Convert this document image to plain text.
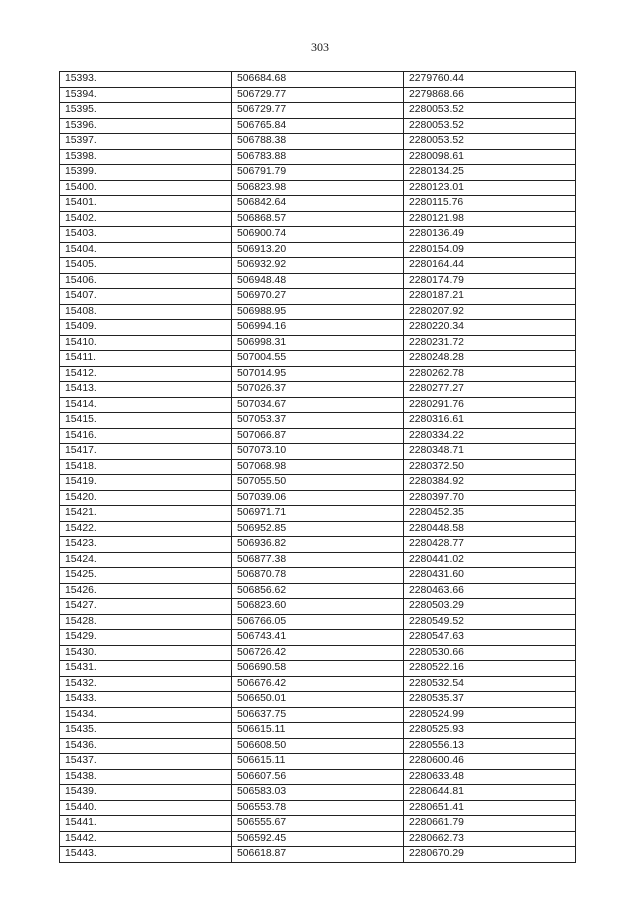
303
15393.	506684.68	2279760.44
15394.	506729.77	2279868.66
15395.	506729.77	2280053.52
15396.	506765.84	2280053.52
15397.	506788.38	2280053.52
15398.	506783.88	2280098.61
15399.	506791.79	2280134.25
15400.	506823.98	2280123.01
15401.	506842.64	2280115.76
15402.	506868.57	2280121.98
15403.	506900.74	2280136.49
15404.	506913.20	2280154.09
15405.	506932.92	2280164.44
15406.	506948.48	2280174.79
15407.	506970.27	2280187.21
15408.	506988.95	2280207.92
15409.	506994.16	2280220.34
15410.	506998.31	2280231.72
15411.	507004.55	2280248.28
15412.	507014.95	2280262.78
15413.	507026.37	2280277.27
15414.	507034.67	2280291.76
15415.	507053.37	2280316.61
15416.	507066.87	2280334.22
15417.	507073.10	2280348.71
15418.	507068.98	2280372.50
15419.	507055.50	2280384.92
15420.	507039.06	2280397.70
15421.	506971.71	2280452.35
15422.	506952.85	2280448.58
15423.	506936.82	2280428.77
15424.	506877.38	2280441.02
15425.	506870.78	2280431.60
15426.	506856.62	2280463.66
15427.	506823.60	2280503.29
15428.	506766.05	2280549.52
15429.	506743.41	2280547.63
15430.	506726.42	2280530.66
15431.	506690.58	2280522.16
15432.	506676.42	2280532.54
15433.	506650.01	2280535.37
15434.	506637.75	2280524.99
15435.	506615.11	2280525.93
15436.	506608.50	2280556.13
15437.	506615.11	2280600.46
15438.	506607.56	2280633.48
15439.	506583.03	2280644.81
15440.	506553.78	2280651.41
15441.	506555.67	2280661.79
15442.	506592.45	2280662.73
15443.	506618.87	2280670.29
